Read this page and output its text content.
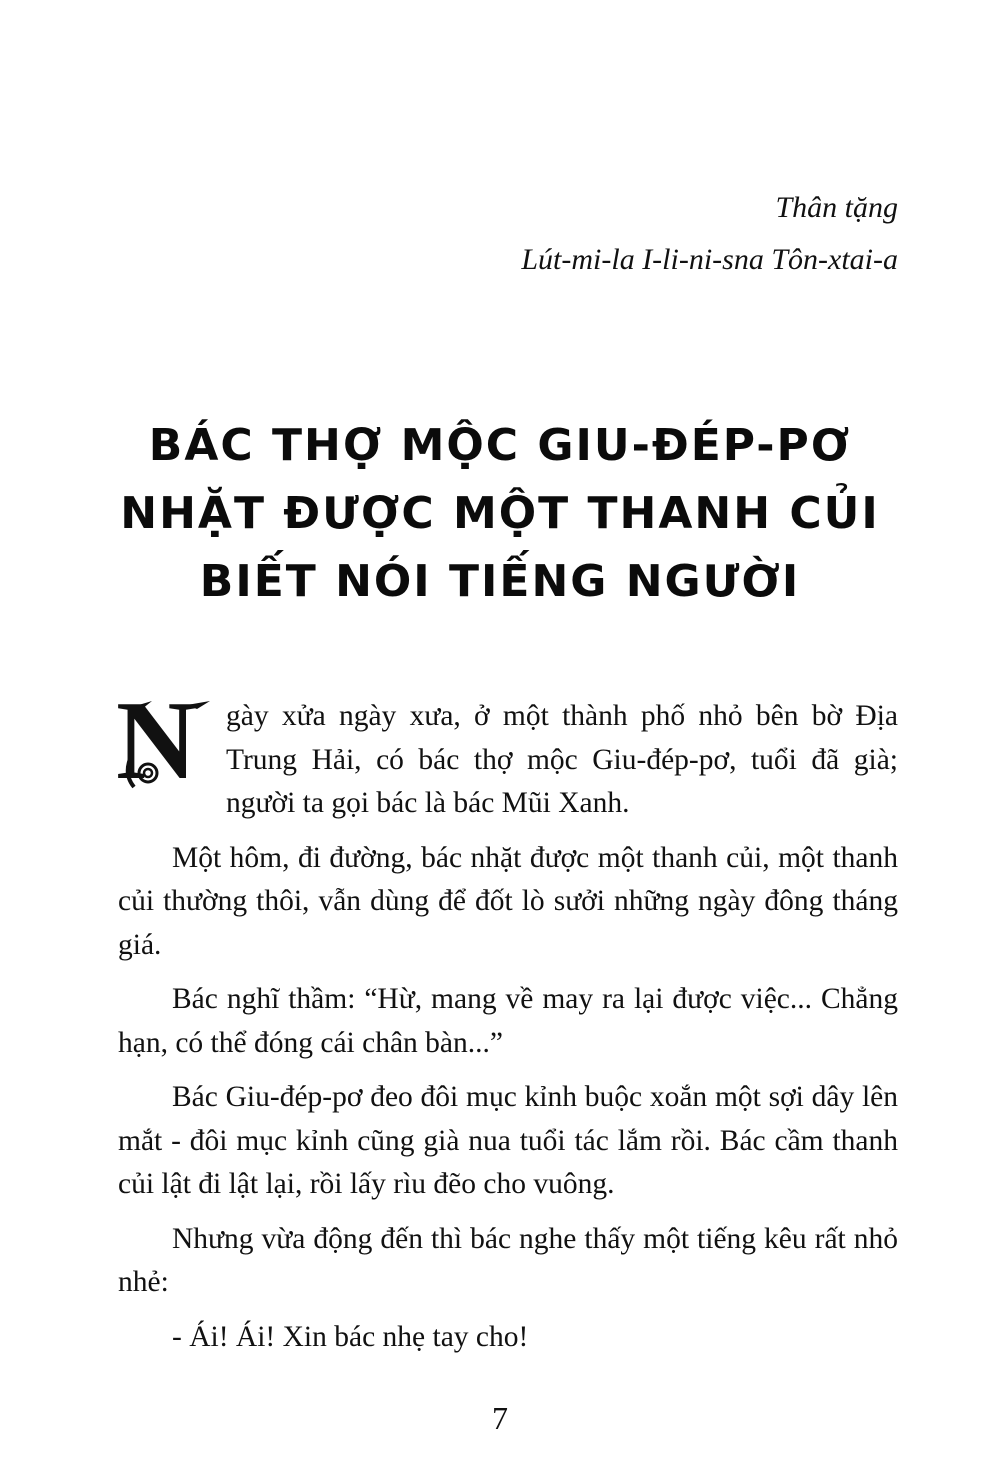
Thân tặng
Lút-mi-la I-li-ni-sna Tôn-xtai-a
BÁC THỢ MỘC GIU-ĐÉP-PƠ
NHẶT ĐƯỢC MỘT THANH CỦI
BIẾT NÓI TIẾNG NGƯỜI

N gày xửa ngày xưa, ở một thành phố nhỏ bên bờ Địa Trung Hải, có bác thợ mộc Giu-đép-pơ, tuổi đã già; người ta gọi bác là bác Mũi Xanh.

Một hôm, đi đường, bác nhặt được một thanh củi, một thanh củi thường thôi, vẫn dùng để đốt lò sưởi những ngày đông tháng giá.

Bác nghĩ thầm: “Hừ, mang về may ra lại được việc... Chẳng hạn, có thể đóng cái chân bàn...”

Bác Giu-đép-pơ đeo đôi mục kỉnh buộc xoắn một sợi dây lên mắt - đôi mục kỉnh cũng già nua tuổi tác lắm rồi. Bác cầm thanh củi lật đi lật lại, rồi lấy rìu đẽo cho vuông.

Nhưng vừa động đến thì bác nghe thấy một tiếng kêu rất nhỏ nhẻ:

- Ái! Ái! Xin bác nhẹ tay cho!

7
